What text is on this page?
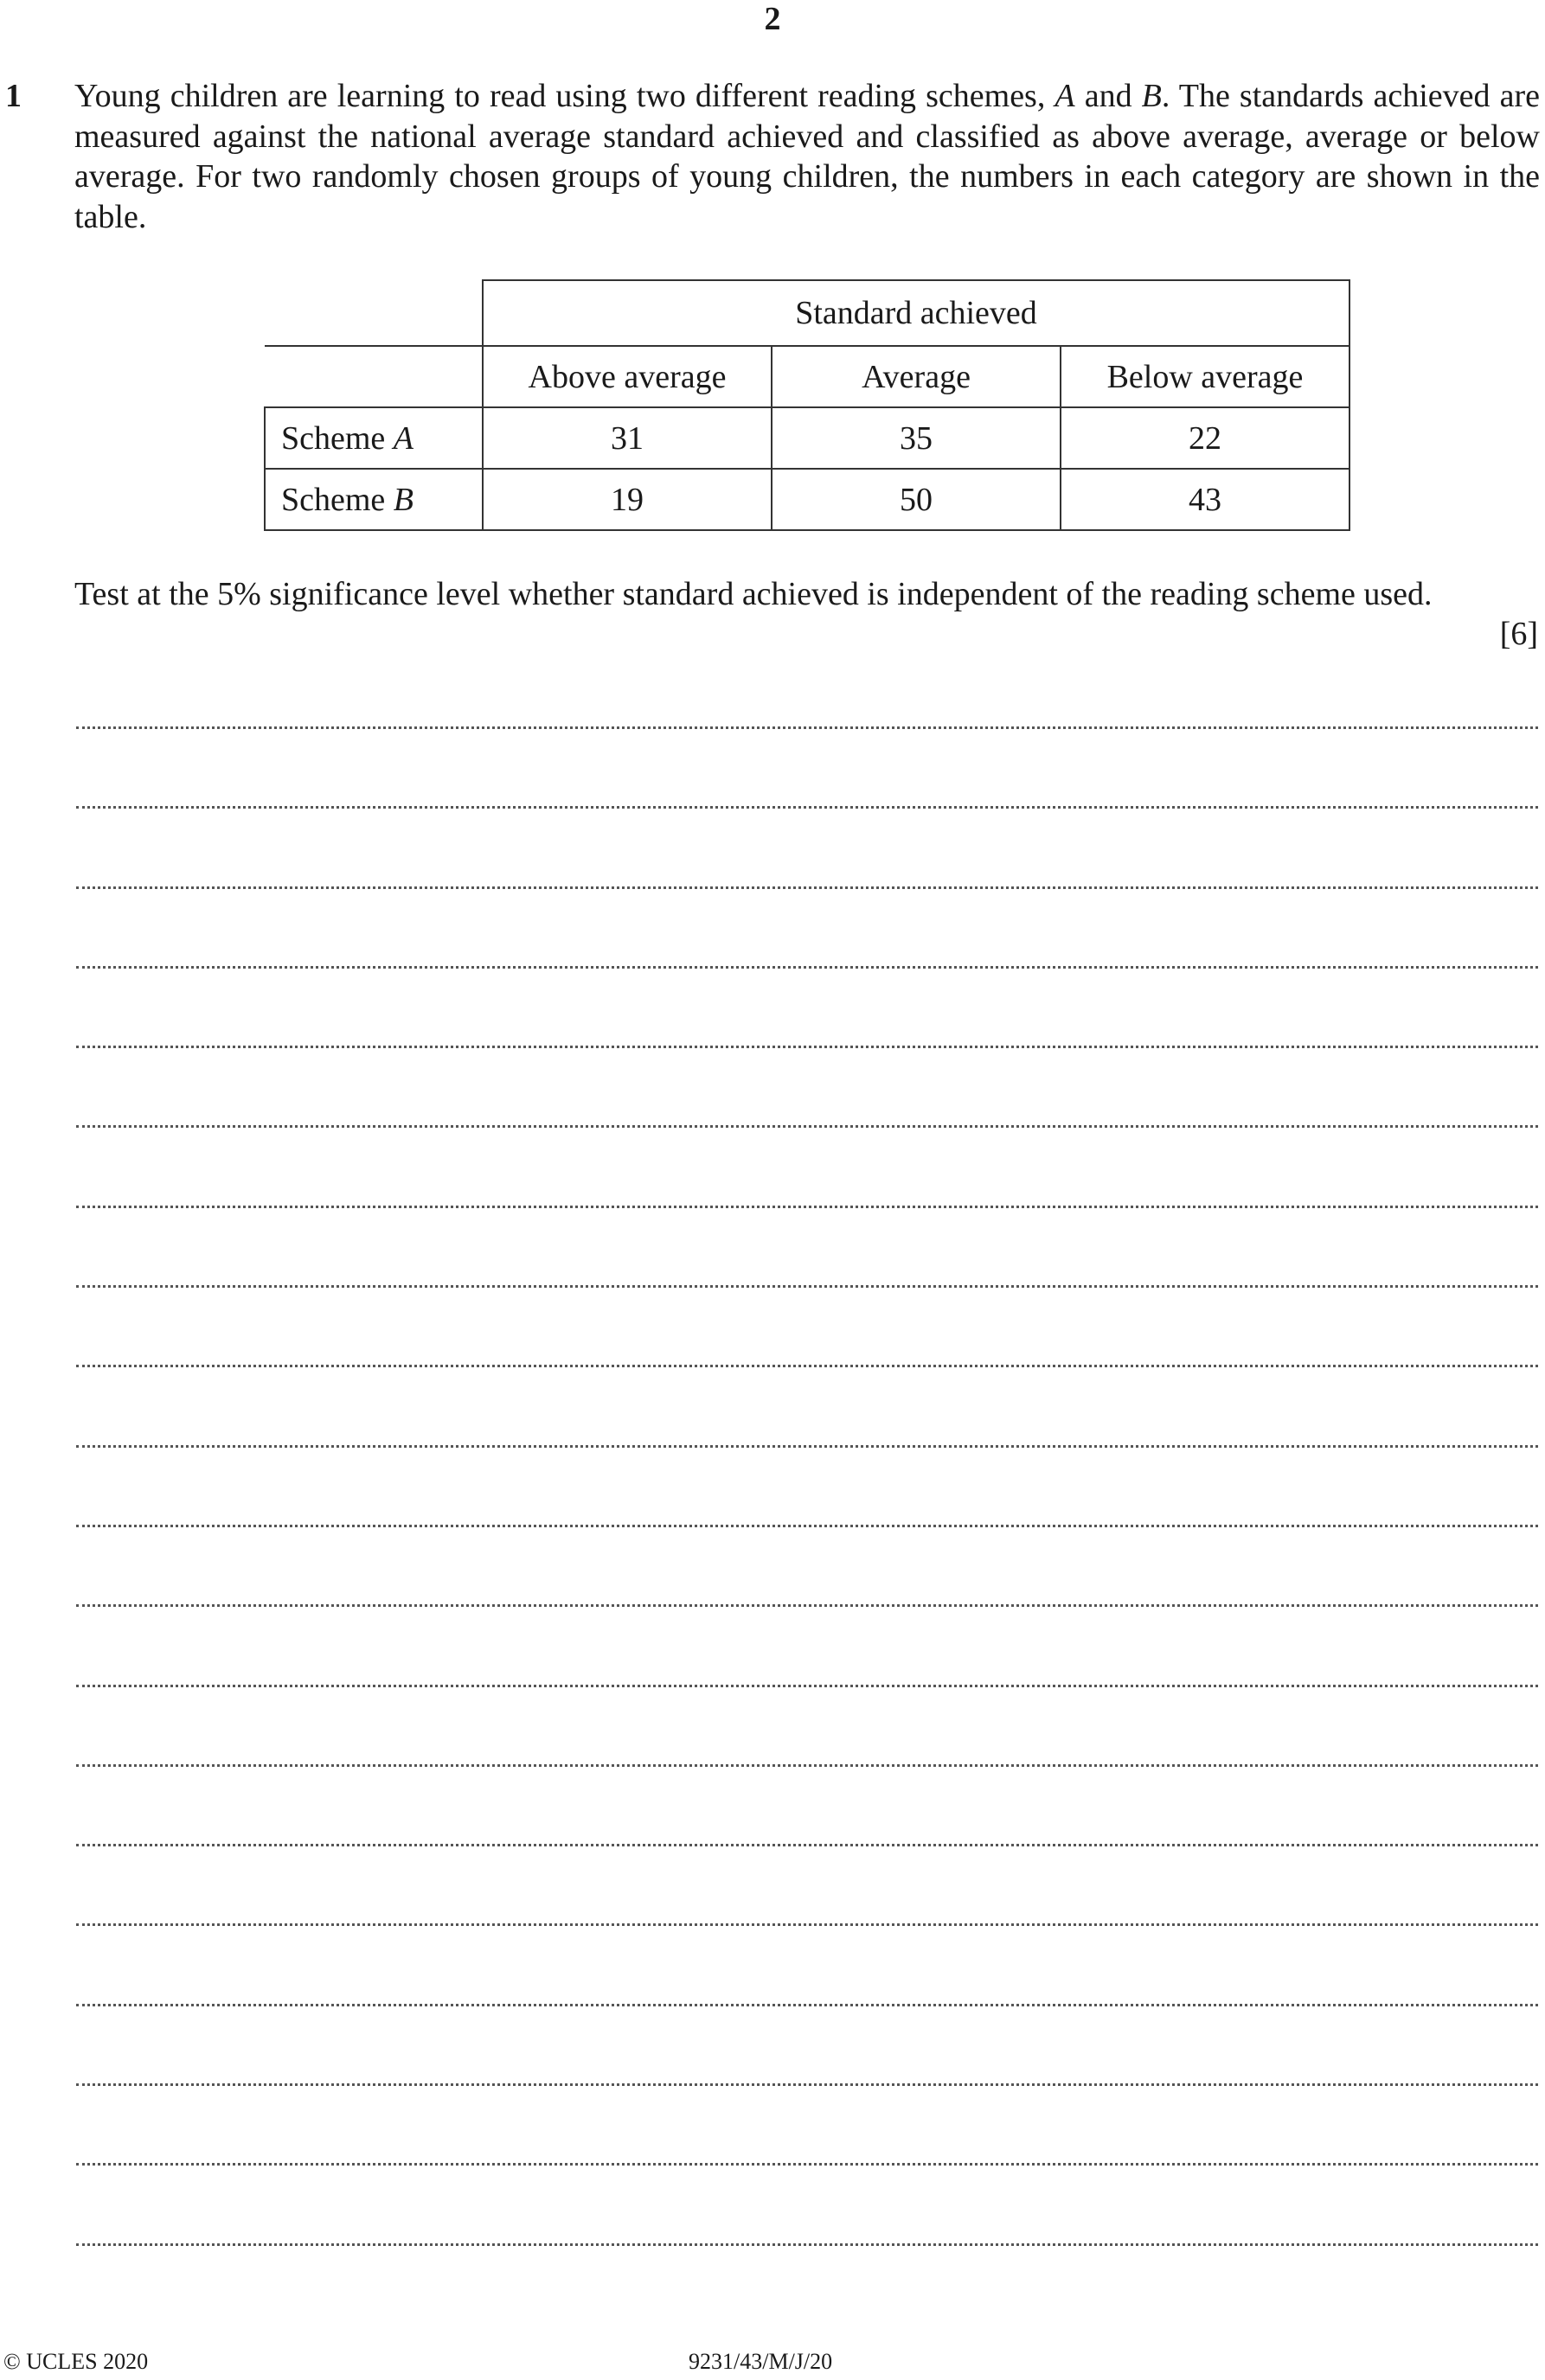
2
1 Young children are learning to read using two different reading schemes, A and B. The standards achieved are measured against the national average standard achieved and classified as above average, average or below average. For two randomly chosen groups of young children, the numbers in each category are shown in the table.
	Standard achieved		
	Above average	Average	Below average
Scheme A	31	35	22
Scheme B	19	50	43
Test at the 5% significance level whether standard achieved is independent of the reading scheme used.
[6]
© UCLES 2020	9231/43/M/J/20
